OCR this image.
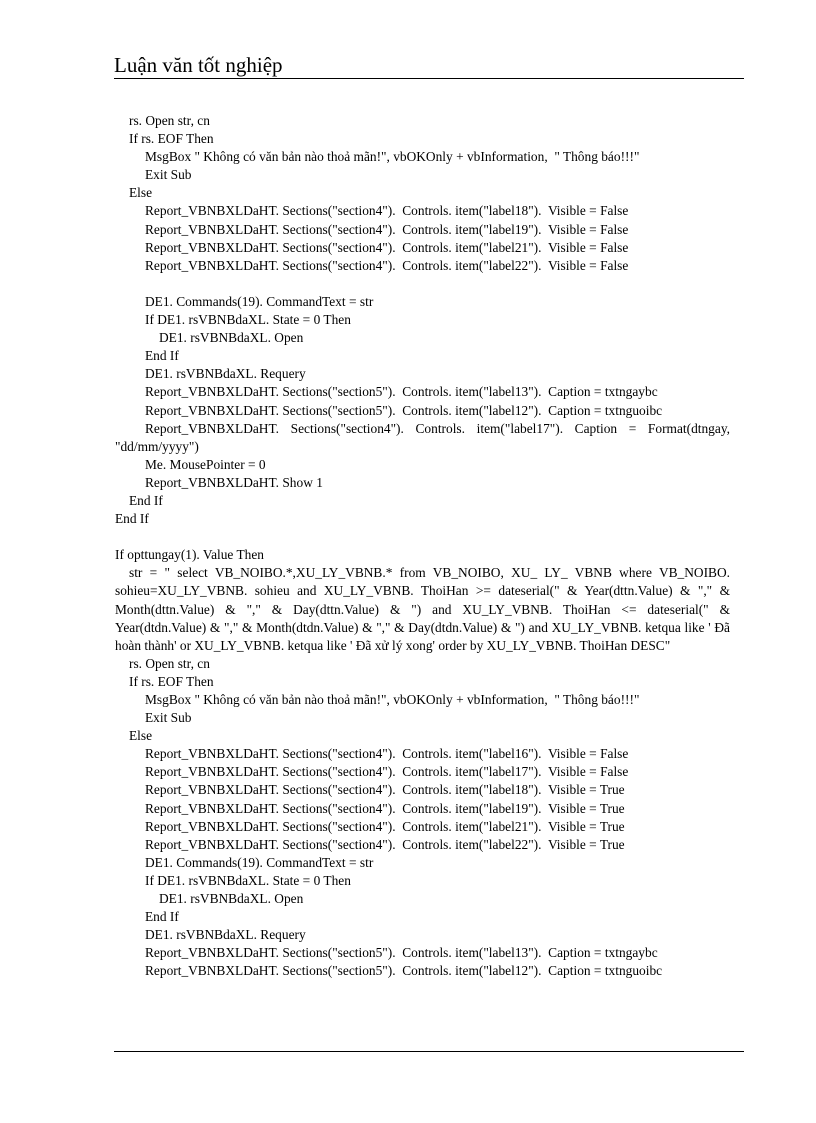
Luận văn tốt nghiệp
rs. Open str, cn
If rs. EOF Then
MsgBox " Không có văn bản nào thoả mãn!", vbOKOnly + vbInformation,  " Thông báo!!!"
Exit Sub
Else
Report_VBNBXLDaHT. Sections("section4").  Controls. item("label18").  Visible = False
Report_VBNBXLDaHT. Sections("section4").  Controls. item("label19").  Visible = False
Report_VBNBXLDaHT. Sections("section4").  Controls. item("label21").  Visible = False
Report_VBNBXLDaHT. Sections("section4").  Controls. item("label22").  Visible = False
DE1. Commands(19). CommandText = str
If DE1. rsVBNBdaXL. State = 0 Then
DE1. rsVBNBdaXL. Open
End If
DE1. rsVBNBdaXL. Requery
Report_VBNBXLDaHT. Sections("section5").  Controls. item("label13").  Caption = txtngaybc
Report_VBNBXLDaHT. Sections("section5").  Controls. item("label12").  Caption = txtnguoibc
Report_VBNBXLDaHT. Sections("section4"). Controls. item("label17"). Caption = Format(dtngay, "dd/mm/yyyy")
Me. MousePointer = 0
Report_VBNBXLDaHT. Show 1
End If
End If
If opttungay(1). Value Then
str = " select VB_NOIBO.*,XU_LY_VBNB.* from VB_NOIBO, XU_ LY_ VBNB where VB_NOIBO. sohieu=XU_LY_VBNB. sohieu and XU_LY_VBNB. ThoiHan >= dateserial(" & Year(dttn.Value) & "," & Month(dttn.Value) & "," & Day(dttn.Value) & ") and XU_LY_VBNB. ThoiHan <= dateserial(" & Year(dtdn.Value) & "," & Month(dtdn.Value) & "," & Day(dtdn.Value) & ") and XU_LY_VBNB. ketqua like ' Đã hoàn thành' or XU_LY_VBNB. ketqua like ' Đã xử lý xong' order by XU_LY_VBNB. ThoiHan DESC"
rs. Open str, cn
If rs. EOF Then
MsgBox " Không có văn bản nào thoả mãn!", vbOKOnly + vbInformation,  " Thông báo!!!"
Exit Sub
Else
Report_VBNBXLDaHT. Sections("section4").  Controls. item("label16").  Visible = False
Report_VBNBXLDaHT. Sections("section4").  Controls. item("label17").  Visible = False
Report_VBNBXLDaHT. Sections("section4").  Controls. item("label18").  Visible = True
Report_VBNBXLDaHT. Sections("section4").  Controls. item("label19").  Visible = True
Report_VBNBXLDaHT. Sections("section4").  Controls. item("label21").  Visible = True
Report_VBNBXLDaHT. Sections("section4").  Controls. item("label22").  Visible = True
DE1. Commands(19). CommandText = str
If DE1. rsVBNBdaXL. State = 0 Then
DE1. rsVBNBdaXL. Open
End If
DE1. rsVBNBdaXL. Requery
Report_VBNBXLDaHT. Sections("section5").  Controls. item("label13").  Caption = txtngaybc
Report_VBNBXLDaHT. Sections("section5").  Controls. item("label12").  Caption = txtnguoibc
